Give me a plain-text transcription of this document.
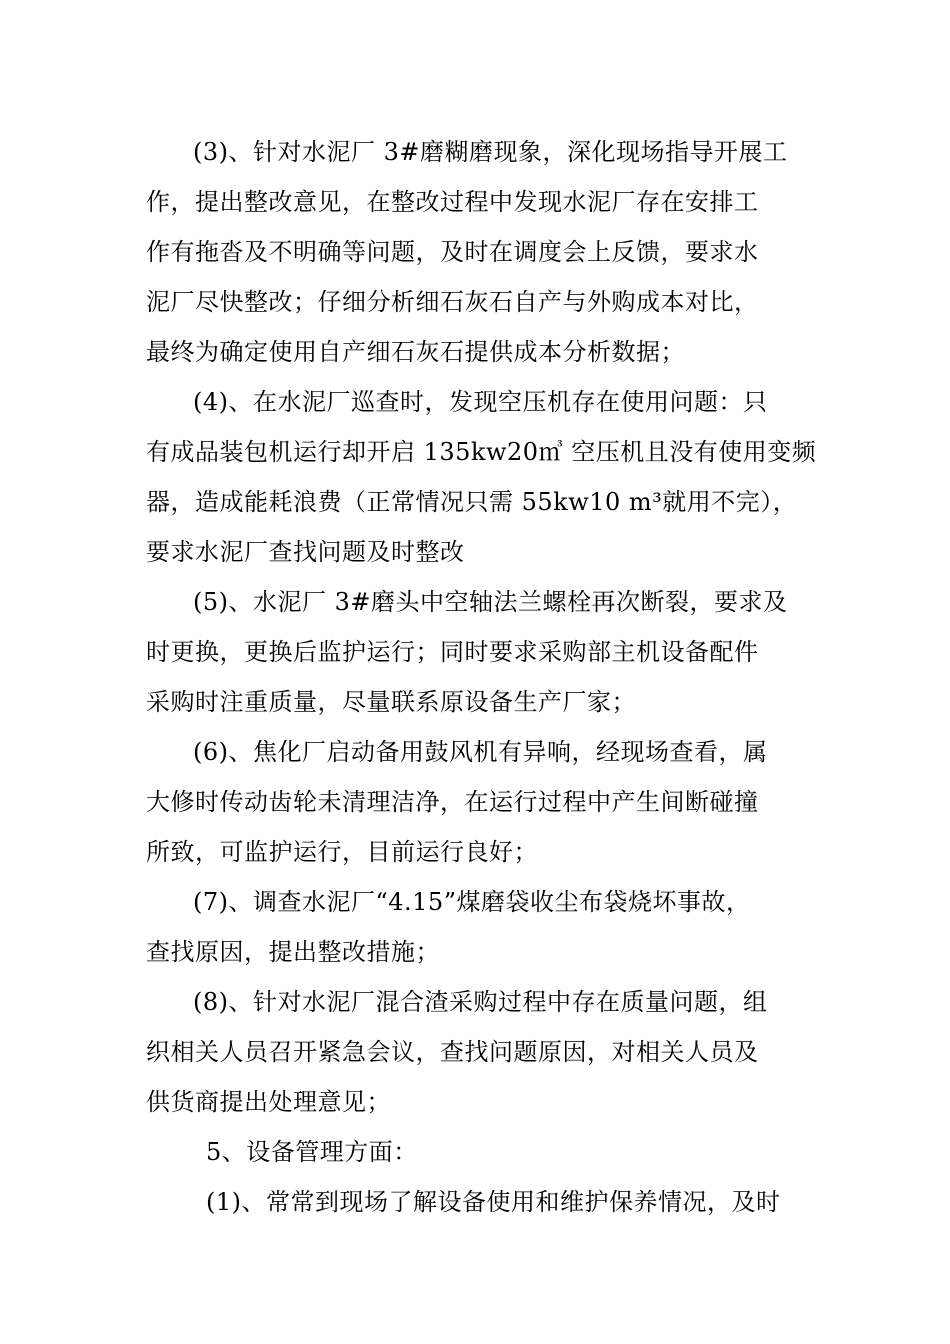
(3)、针对水泥厂 3#磨糊磨现象，深化现场指导开展工
作，提出整改意见，在整改过程中发现水泥厂存在安排工
作有拖沓及不明确等问题，及时在调度会上反馈，要求水
泥厂尽快整改；仔细分析细石灰石自产与外购成本对比，
最终为确定使用自产细石灰石提供成本分析数据；
(4)、在水泥厂巡查时，发现空压机存在使用问题：只
有成品装包机运行却开启 135kw20㎥ 空压机且没有使用变频
器，造成能耗浪费（正常情况只需 55kw10 m³就用不完），
要求水泥厂查找问题及时整改
(5)、水泥厂 3#磨头中空轴法兰螺栓再次断裂，要求及
时更换，更换后监护运行；同时要求采购部主机设备配件
采购时注重质量，尽量联系原设备生产厂家；
(6)、焦化厂启动备用鼓风机有异响，经现场查看，属
大修时传动齿轮未清理洁净，在运行过程中产生间断碰撞
所致，可监护运行，目前运行良好；
(7)、调查水泥厂“4.15”煤磨袋收尘布袋烧坏事故，
查找原因，提出整改措施；
(8)、针对水泥厂混合渣采购过程中存在质量问题，组
织相关人员召开紧急会议，查找问题原因，对相关人员及
供货商提出处理意见；
5、设备管理方面：
(1)、常常到现场了解设备使用和维护保养情况，及时
